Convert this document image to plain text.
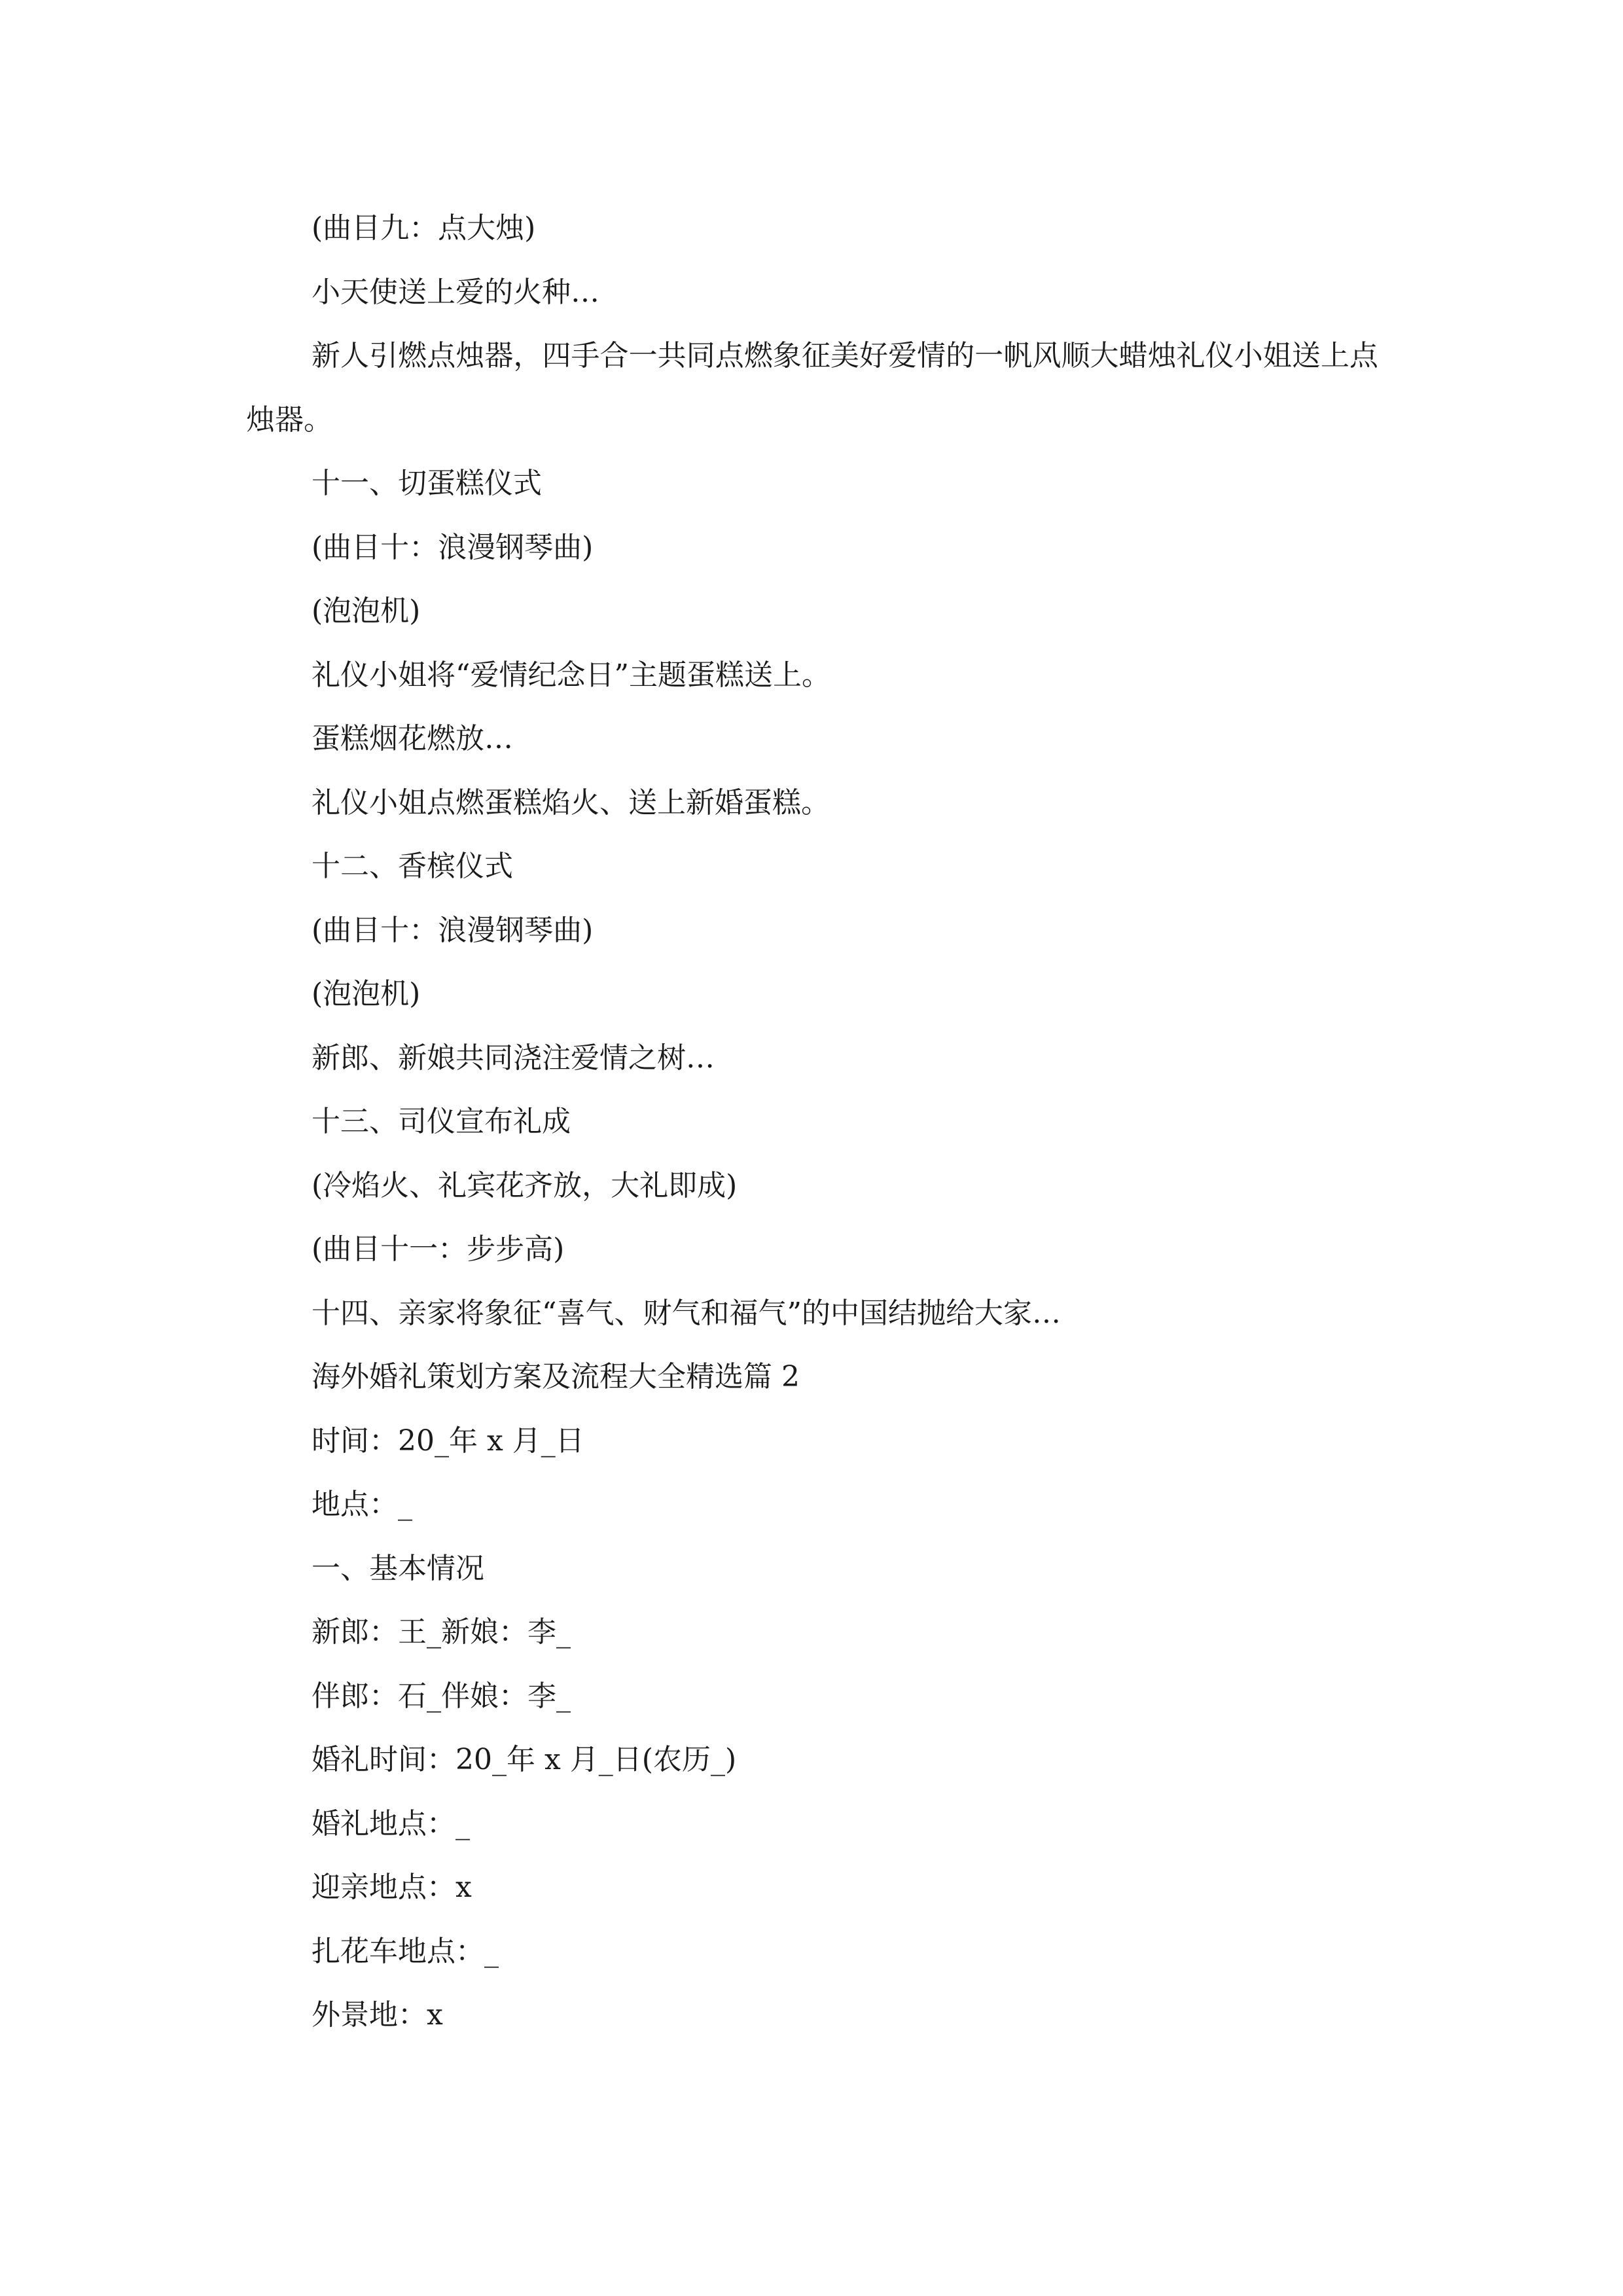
(曲目九：点大烛)
小天使送上爱的火种…

新人引燃点烛器，四手合一共同点燃象征美好爱情的一帆风顺大蜡烛礼仪小姐送上点烛器。

十一、切蛋糕仪式
(曲目十：浪漫钢琴曲)
(泡泡机)
礼仪小姐将“爱情纪念日”主题蛋糕送上。
蛋糕烟花燃放…
礼仪小姐点燃蛋糕焰火、送上新婚蛋糕。
十二、香槟仪式
(曲目十：浪漫钢琴曲)
(泡泡机)
新郎、新娘共同浇注爱情之树…
十三、司仪宣布礼成
(冷焰火、礼宾花齐放，大礼即成)
(曲目十一：步步高)
十四、亲家将象征“喜气、财气和福气”的中国结抛给大家…
海外婚礼策划方案及流程大全精选篇 2
时间：20_年 x 月_日
地点：_
一、基本情况
新郎：王_新娘：李_
伴郎：石_伴娘：李_
婚礼时间：20_年 x 月_日(农历_)
婚礼地点：_
迎亲地点：x
扎花车地点：_
外景地：x
